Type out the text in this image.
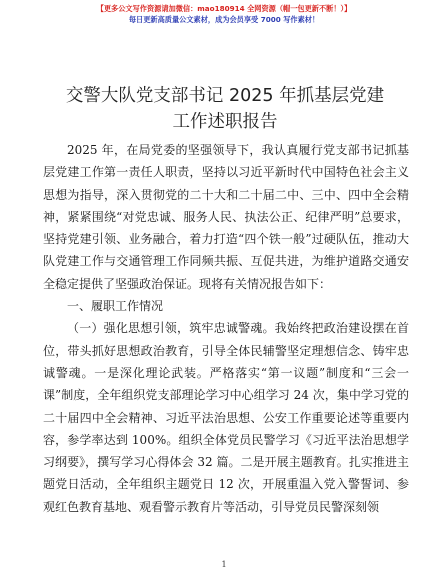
【更多公文写作资源请加微信：mao180914 全网资源（帽一包更新不断！）】
每日更新高质量公文素材，成为会员享受 7000 写作素材！
交警大队党支部书记 2025 年抓基层党建工作述职报告

2025 年，在局党委的坚强领导下，我认真履行党支部书记抓基层党建工作第一责任人职责，坚持以习近平新时代中国特色社会主义思想为指导，深入贯彻党的二十大和二十届二中、三中、四中全会精神，紧紧围绕“对党忠诚、服务人民、执法公正、纪律严明”总要求，坚持党建引领、业务融合，着力打造“四个铁一般”过硬队伍，推动大队党建工作与交通管理工作同频共振、互促共进，为维护道路交通安全稳定提供了坚强政治保证。现将有关情况报告如下：

一、履职工作情况

（一）强化思想引领，筑牢忠诚警魂。我始终把政治建设摆在首位，带头抓好思想政治教育，引导全体民辅警坚定理想信念、铸牢忠诚警魂。一是深化理论武装。严格落实“第一议题”制度和“三会一课”制度，全年组织党支部理论学习中心组学习 24 次，集中学习党的二十届四中全会精神、习近平法治思想、公安工作重要论述等重要内容，参学率达到 100%。组织全体党员民警学习《习近平法治思想学习纲要》，撰写学习心得体会 32 篇。二是开展主题教育。扎实推进主题党日活动，全年组织主题党日 12 次，开展重温入党入警誓词、参观红色教育基地、观看警示教育片等活动，引导党员民警深刻领

1
